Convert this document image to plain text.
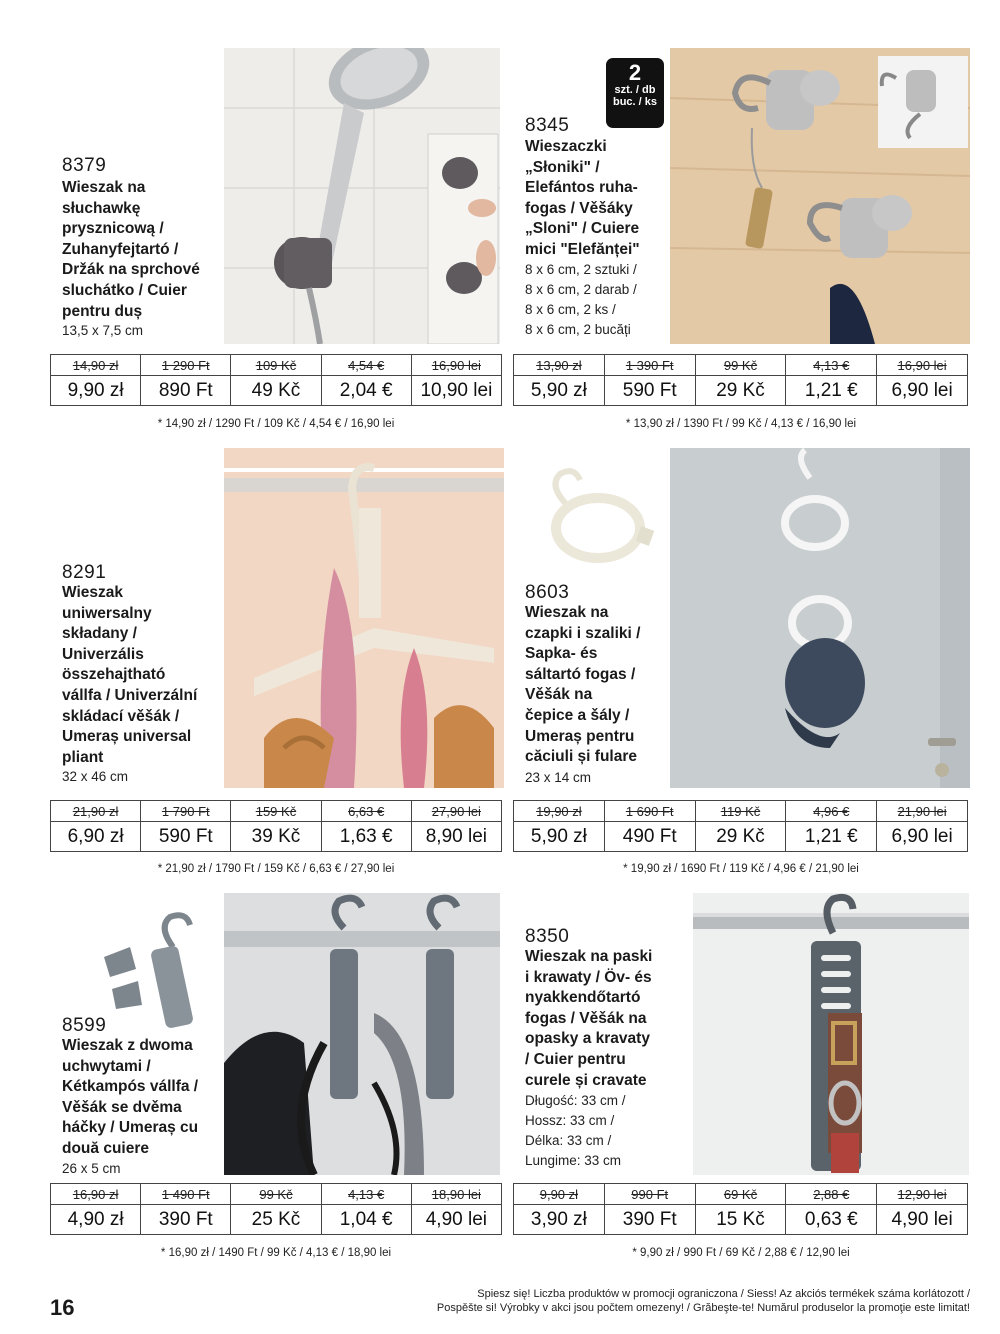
8379
Wieszak na
słuchawkę
prysznicową /
Zuhanyfejtartó /
Držák na sprchové
sluchátko / Cuier
pentru duș
13,5 x 7,5 cm
14,90 zł	1 290 Ft	109 Kč	4,54 €	16,90 lei
9,90 zł	890 Ft	49 Kč	2,04 €	10,90 lei
* 14,90 zł / 1290 Ft / 109 Kč / 4,54 € / 16,90 lei
8345
2
szt. / db
buc. / ks
Wieszaczki
„Słoniki" /
Elefántos ruha-
fogas / Věšáky
„Sloni" / Cuiere
mici "Elefănței"
8 x 6 cm, 2 sztuki /
8 x 6 cm, 2 darab /
8 x 6 cm, 2 ks /
8 x 6 cm, 2 bucăți
13,90 zł	1 390 Ft	99 Kč	4,13 €	16,90 lei
5,90 zł	590 Ft	29 Kč	1,21 €	6,90 lei
* 13,90 zł / 1390 Ft / 99 Kč / 4,13 € / 16,90 lei
8291
Wieszak
uniwersalny
składany /
Univerzális
összehajtható
vállfa / Univerzální
skládací věšák /
Umeraș universal
pliant
32 x 46 cm
21,90 zł	1 790 Ft	159 Kč	6,63 €	27,90 lei
6,90 zł	590 Ft	39 Kč	1,63 €	8,90 lei
* 21,90 zł / 1790 Ft / 159 Kč / 6,63 € / 27,90 lei
8603
Wieszak na
czapki i szaliki /
Sapka- és
sáltartó fogas /
Věšák na
čepice a šály /
Umeraș pentru
căciuli și fulare
23 x 14 cm
19,90 zł	1 690 Ft	119 Kč	4,96 €	21,90 lei
5,90 zł	490 Ft	29 Kč	1,21 €	6,90 lei
* 19,90 zł / 1690 Ft / 119 Kč / 4,96 € / 21,90 lei
8599
Wieszak z dwoma
uchwytami /
Kétkampós vállfa /
Věšák se dvěma
háčky / Umeraș cu
două cuiere
26 x 5 cm
16,90 zł	1 490 Ft	99 Kč	4,13 €	18,90 lei
4,90 zł	390 Ft	25 Kč	1,04 €	4,90 lei
* 16,90 zł / 1490 Ft / 99 Kč / 4,13 € / 18,90 lei
8350
Wieszak na paski
i krawaty / Öv- és
nyakkendőtartó
fogas / Věšák na
opasky a kravaty
/ Cuier pentru
curele și cravate
Długość: 33 cm /
Hossz: 33 cm /
Délka: 33 cm /
Lungime: 33 cm
9,90 zł	990 Ft	69 Kč	2,88 €	12,90 lei
3,90 zł	390 Ft	15 Kč	0,63 €	4,90 lei
* 9,90 zł / 990 Ft / 69 Kč / 2,88 € / 12,90 lei
16
Spiesz się! Liczba produktów w promocji ograniczona / Siess! Az akciós termékek száma korlátozott /
Pospěšte si! Výrobky v akci jsou počtem omezeny! / Grăbeşte-te! Numărul produselor la promoţie este limitat!
